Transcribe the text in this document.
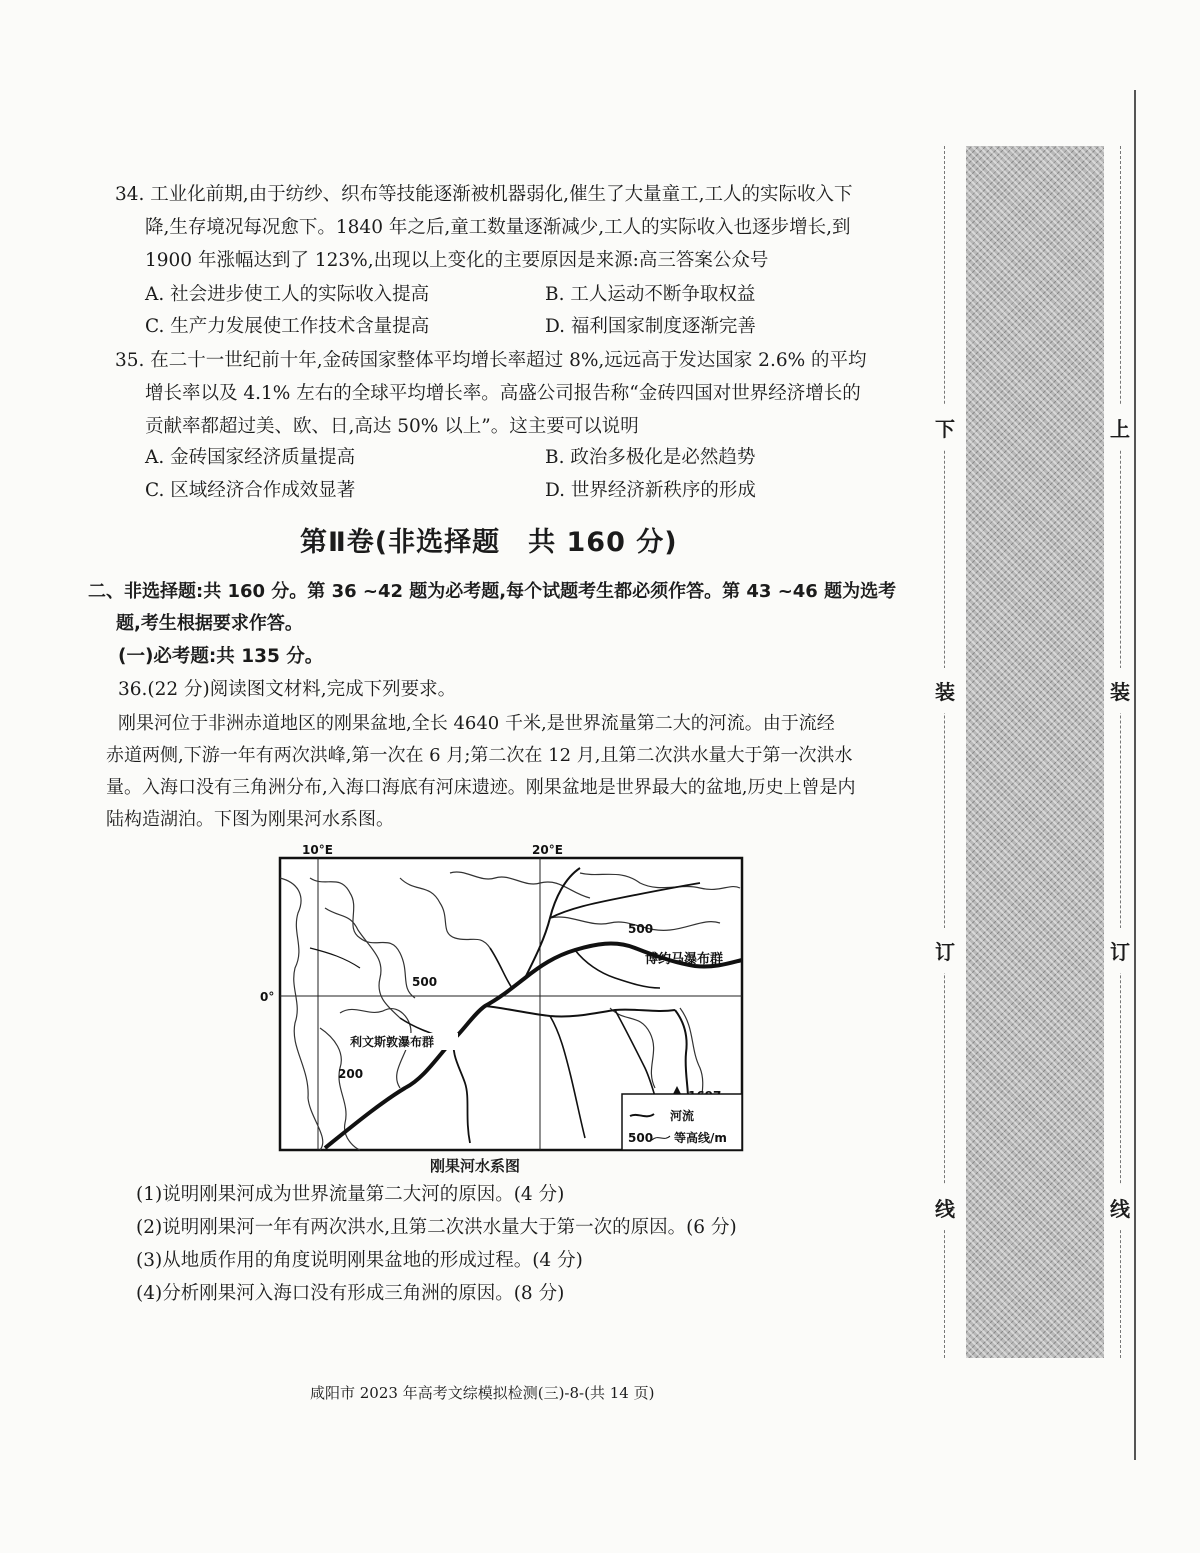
34. 工业化前期,由于纺纱、织布等技能逐渐被机器弱化,催生了大量童工,工人的实际收入下

降,生存境况每况愈下。1840 年之后,童工数量逐渐减少,工人的实际收入也逐步增长,到

1900 年涨幅达到了 123%,出现以上变化的主要原因是来源:高三答案公众号

A. 社会进步使工人的实际收入提高	B. 工人运动不断争取权益
C. 生产力发展使工作技术含量提高	D. 福利国家制度逐渐完善

35. 在二十一世纪前十年,金砖国家整体平均增长率超过 8%,远远高于发达国家 2.6% 的平均

增长率以及 4.1% 左右的全球平均增长率。高盛公司报告称“金砖四国对世界经济增长的

贡献率都超过美、欧、日,高达 50% 以上”。这主要可以说明

A. 金砖国家经济质量提高	B. 政治多极化是必然趋势
C. 区域经济合作成效显著	D. 世界经济新秩序的形成
第Ⅱ卷(非选择题　共 160 分)

二、非选择题:共 160 分。第 36 ~42 题为必考题,每个试题考生都必须作答。第 43 ~46 题为选考

题,考生根据要求作答。

(一)必考题:共 135 分。
36.(22 分)阅读图文材料,完成下列要求。

刚果河位于非洲赤道地区的刚果盆地,全长 4640 千米,是世界流量第二大的河流。由于流经

赤道两侧,下游一年有两次洪峰,第一次在 6 月;第二次在 12 月,且第二次洪水量大于第一次洪水

量。入海口没有三角洲分布,入海口海底有河床遗迹。刚果盆地是世界最大的盆地,历史上曾是内

陆构造湖泊。下图为刚果河水系图。

10°E	20°E
0°
500
博约马瀑布群
500
利文斯敦瀑布群
200
河流
500 等高线/m
刚果河水系图
(1)说明刚果河成为世界流量第二大河的原因。(4 分)
(2)说明刚果河一年有两次洪水,且第二次洪水量大于第一次的原因。(6 分)
(3)从地质作用的角度说明刚果盆地的形成过程。(4 分)
(4)分析刚果河入海口没有形成三角洲的原因。(8 分)
咸阳市 2023 年高考文综模拟检测(三)-8-(共 14 页)
下
装
订
线
上
装
订
线
